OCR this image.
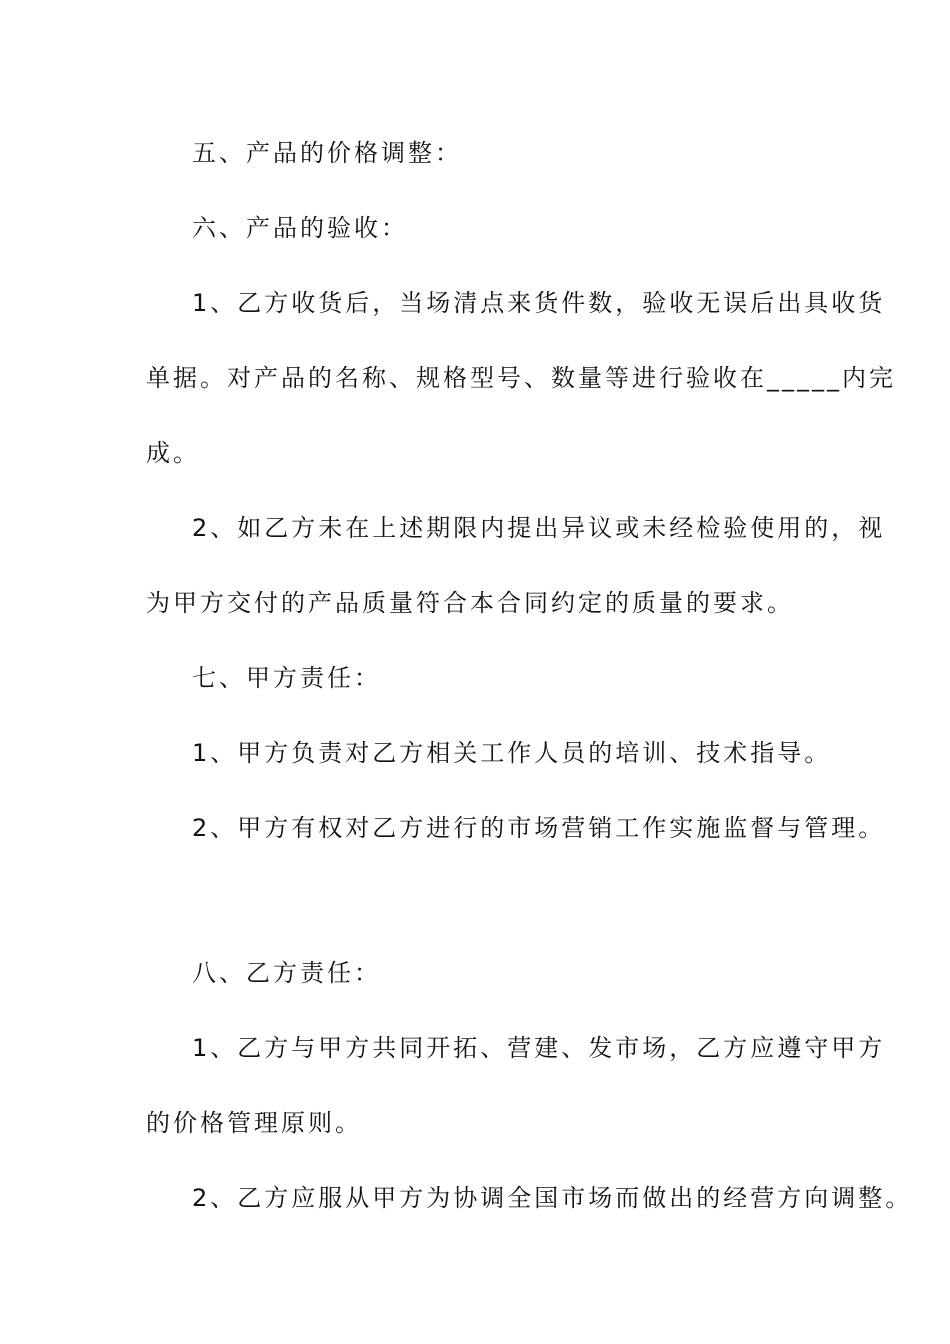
五、产品的价格调整：
六、产品的验收：
1、乙方收货后，当场清点来货件数，验收无误后出具收货
单据。对产品的名称、规格型号、数量等进行验收在_____内完
成。
2、如乙方未在上述期限内提出异议或未经检验使用的，视
为甲方交付的产品质量符合本合同约定的质量的要求。
七、甲方责任：
1、甲方负责对乙方相关工作人员的培训、技术指导。
2、甲方有权对乙方进行的市场营销工作实施监督与管理。
八、乙方责任：
1、乙方与甲方共同开拓、营建、发市场，乙方应遵守甲方
的价格管理原则。
2、乙方应服从甲方为协调全国市场而做出的经营方向调整。
